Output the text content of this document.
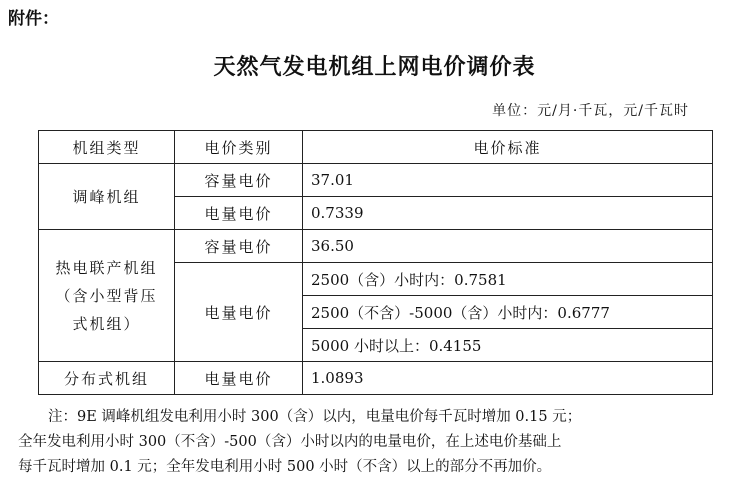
附件：
天然气发电机组上网电价调价表
单位：元/月·千瓦，元/千瓦时
机组类型	电价类别	电价标准
调峰机组	容量电价	37.01
	电量电价	0.7339
热电联产机组
（含小型背压
式机组）	容量电价	36.50
	电量电价	2500（含）小时内：0.7581
		2500（不含）-5000（含）小时内：0.6777
		5000 小时以上：0.4155
分布式机组	电量电价	1.0893

注：9E 调峰机组发电利用小时 300（含）以内，电量电价每千瓦时增加 0.15 元；

全年发电利用小时 300（不含）-500（含）小时以内的电量电价，在上述电价基础上

每千瓦时增加 0.1 元；全年发电利用小时 500 小时（不含）以上的部分不再加价。
